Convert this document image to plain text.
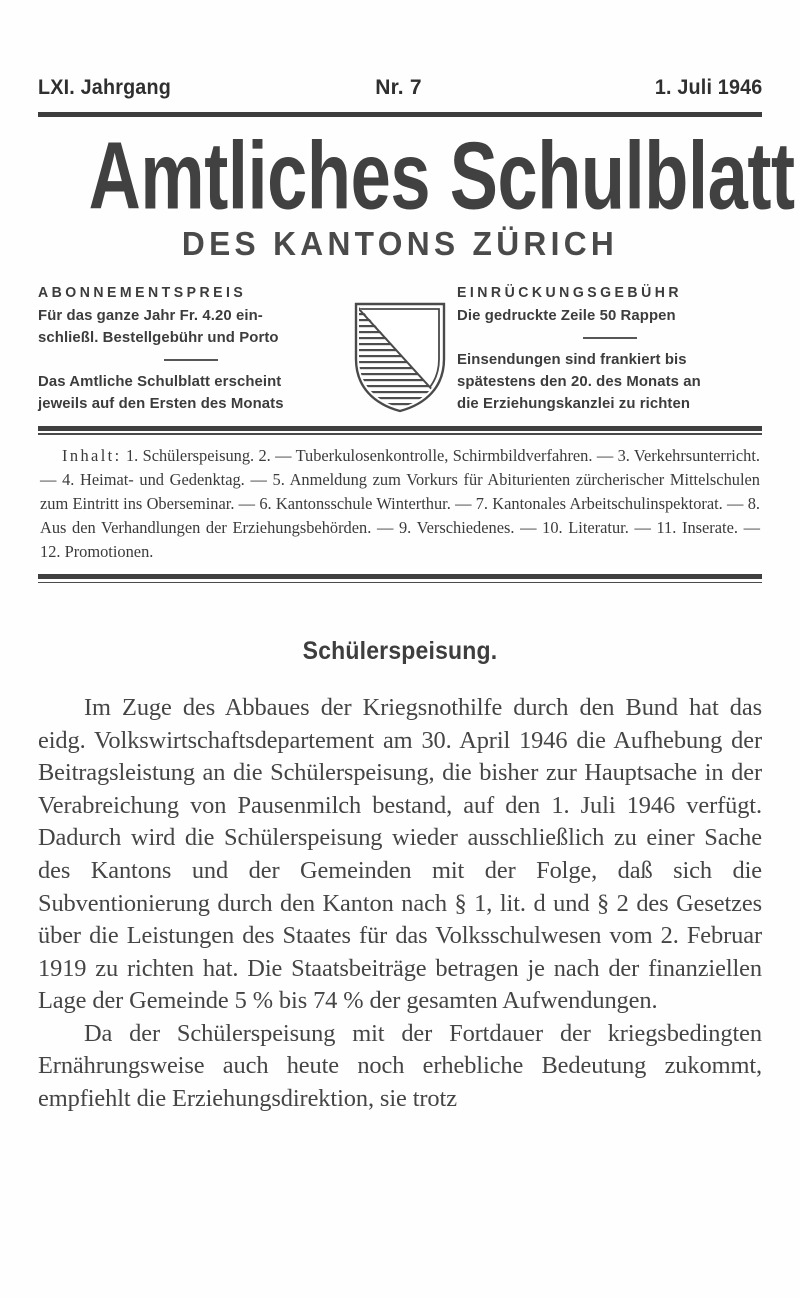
LXI. Jahrgang	Nr. 7	1. Juli 1946
Amtliches Schulblatt
DES KANTONS ZÜRICH
ABONNEMENTSPREIS
Für das ganze Jahr Fr. 4.20 ein-
schließl. Bestellgebühr und Porto
Das Amtliche Schulblatt erscheint
jeweils auf den Ersten des Monats
EINRÜCKUNGSGEBÜHR
Die gedruckte Zeile 50 Rappen
Einsendungen sind frankiert bis
spätestens den 20. des Monats an
die Erziehungskanzlei zu richten
Inhalt: 1. Schülerspeisung. 2. — Tuberkulosenkontrolle, Schirmbildverfahren. — 3. Verkehrsunterricht. — 4. Heimat- und Gedenktag. — 5. Anmeldung zum Vorkurs für Abiturienten zürcherischer Mittelschulen zum Eintritt ins Oberseminar. — 6. Kantonsschule Winterthur. — 7. Kantonales Arbeitschulinspektorat. — 8. Aus den Verhandlungen der Erziehungsbehörden. — 9. Verschiedenes. — 10. Literatur. — 11. Inserate. — 12. Promotionen.
Schülerspeisung.

Im Zuge des Abbaues der Kriegsnothilfe durch den Bund hat das eidg. Volkswirtschaftsdepartement am 30. April 1946 die Aufhebung der Beitragsleistung an die Schülerspeisung, die bisher zur Hauptsache in der Verabreichung von Pausenmilch bestand, auf den 1. Juli 1946 verfügt. Dadurch wird die Schülerspeisung wieder ausschließlich zu einer Sache des Kantons und der Gemeinden mit der Folge, daß sich die Subventionierung durch den Kanton nach § 1, lit. d und § 2 des Gesetzes über die Leistungen des Staates für das Volksschulwesen vom 2. Februar 1919 zu richten hat. Die Staatsbeiträge betragen je nach der finanziellen Lage der Gemeinde 5 % bis 74 % der gesamten Aufwendungen.

Da der Schülerspeisung mit der Fortdauer der kriegsbedingten Ernährungsweise auch heute noch erhebliche Bedeutung zukommt, empfiehlt die Erziehungsdirektion, sie trotz
